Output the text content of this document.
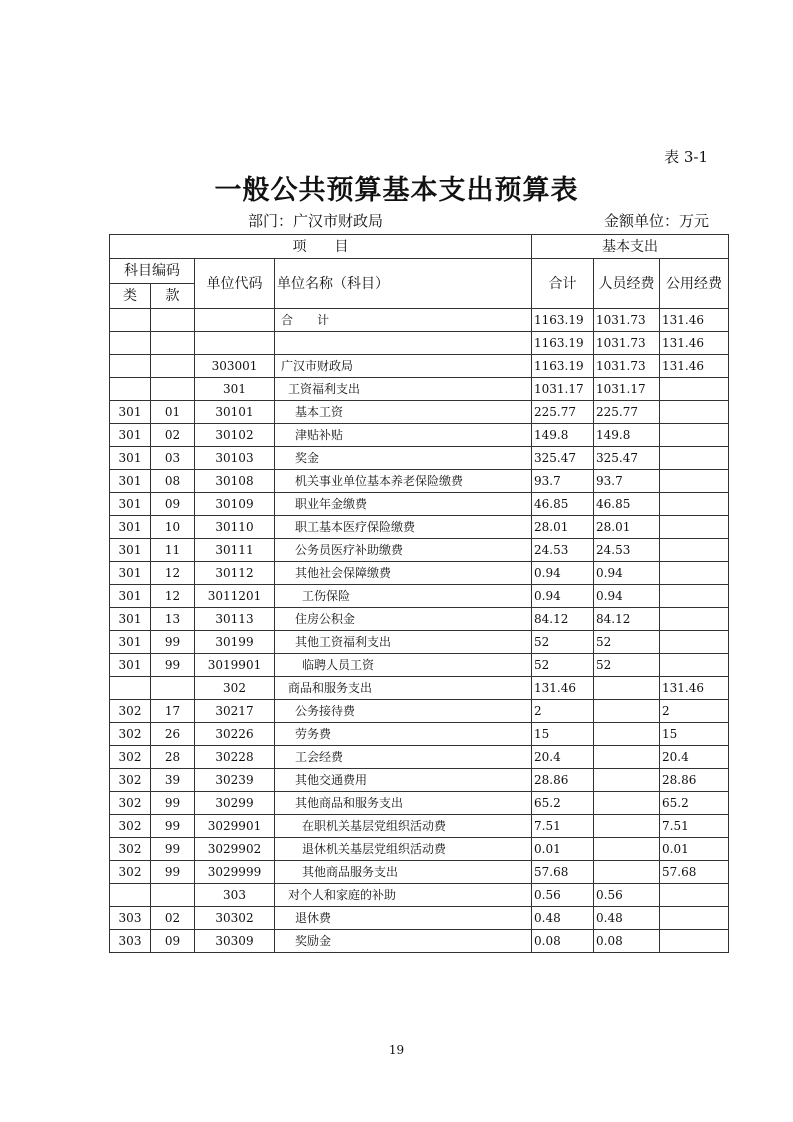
表 3-1
一般公共预算基本支出预算表
部门：广汉市财政局	金额单位：万元
项　　目				基本支出		
科目编码		单位代码	单位名称（科目）	合计	人员经费	公用经费
类	款					
			合　　计	1163.19	1031.73	131.46
				1163.19	1031.73	131.46
		303001	广汉市财政局	1163.19	1031.73	131.46
		301	工资福利支出	1031.17	1031.17	
301	01	30101	基本工资	225.77	225.77	
301	02	30102	津贴补贴	149.8	149.8	
301	03	30103	奖金	325.47	325.47	
301	08	30108	机关事业单位基本养老保险缴费	93.7	93.7	
301	09	30109	职业年金缴费	46.85	46.85	
301	10	30110	职工基本医疗保险缴费	28.01	28.01	
301	11	30111	公务员医疗补助缴费	24.53	24.53	
301	12	30112	其他社会保障缴费	0.94	0.94	
301	12	3011201	工伤保险	0.94	0.94	
301	13	30113	住房公积金	84.12	84.12	
301	99	30199	其他工资福利支出	52	52	
301	99	3019901	临聘人员工资	52	52	
		302	商品和服务支出	131.46		131.46
302	17	30217	公务接待费	2		2
302	26	30226	劳务费	15		15
302	28	30228	工会经费	20.4		20.4
302	39	30239	其他交通费用	28.86		28.86
302	99	30299	其他商品和服务支出	65.2		65.2
302	99	3029901	在职机关基层党组织活动费	7.51		7.51
302	99	3029902	退休机关基层党组织活动费	0.01		0.01
302	99	3029999	其他商品服务支出	57.68		57.68
		303	对个人和家庭的补助	0.56	0.56	
303	02	30302	退休费	0.48	0.48	
303	09	30309	奖励金	0.08	0.08	
19
